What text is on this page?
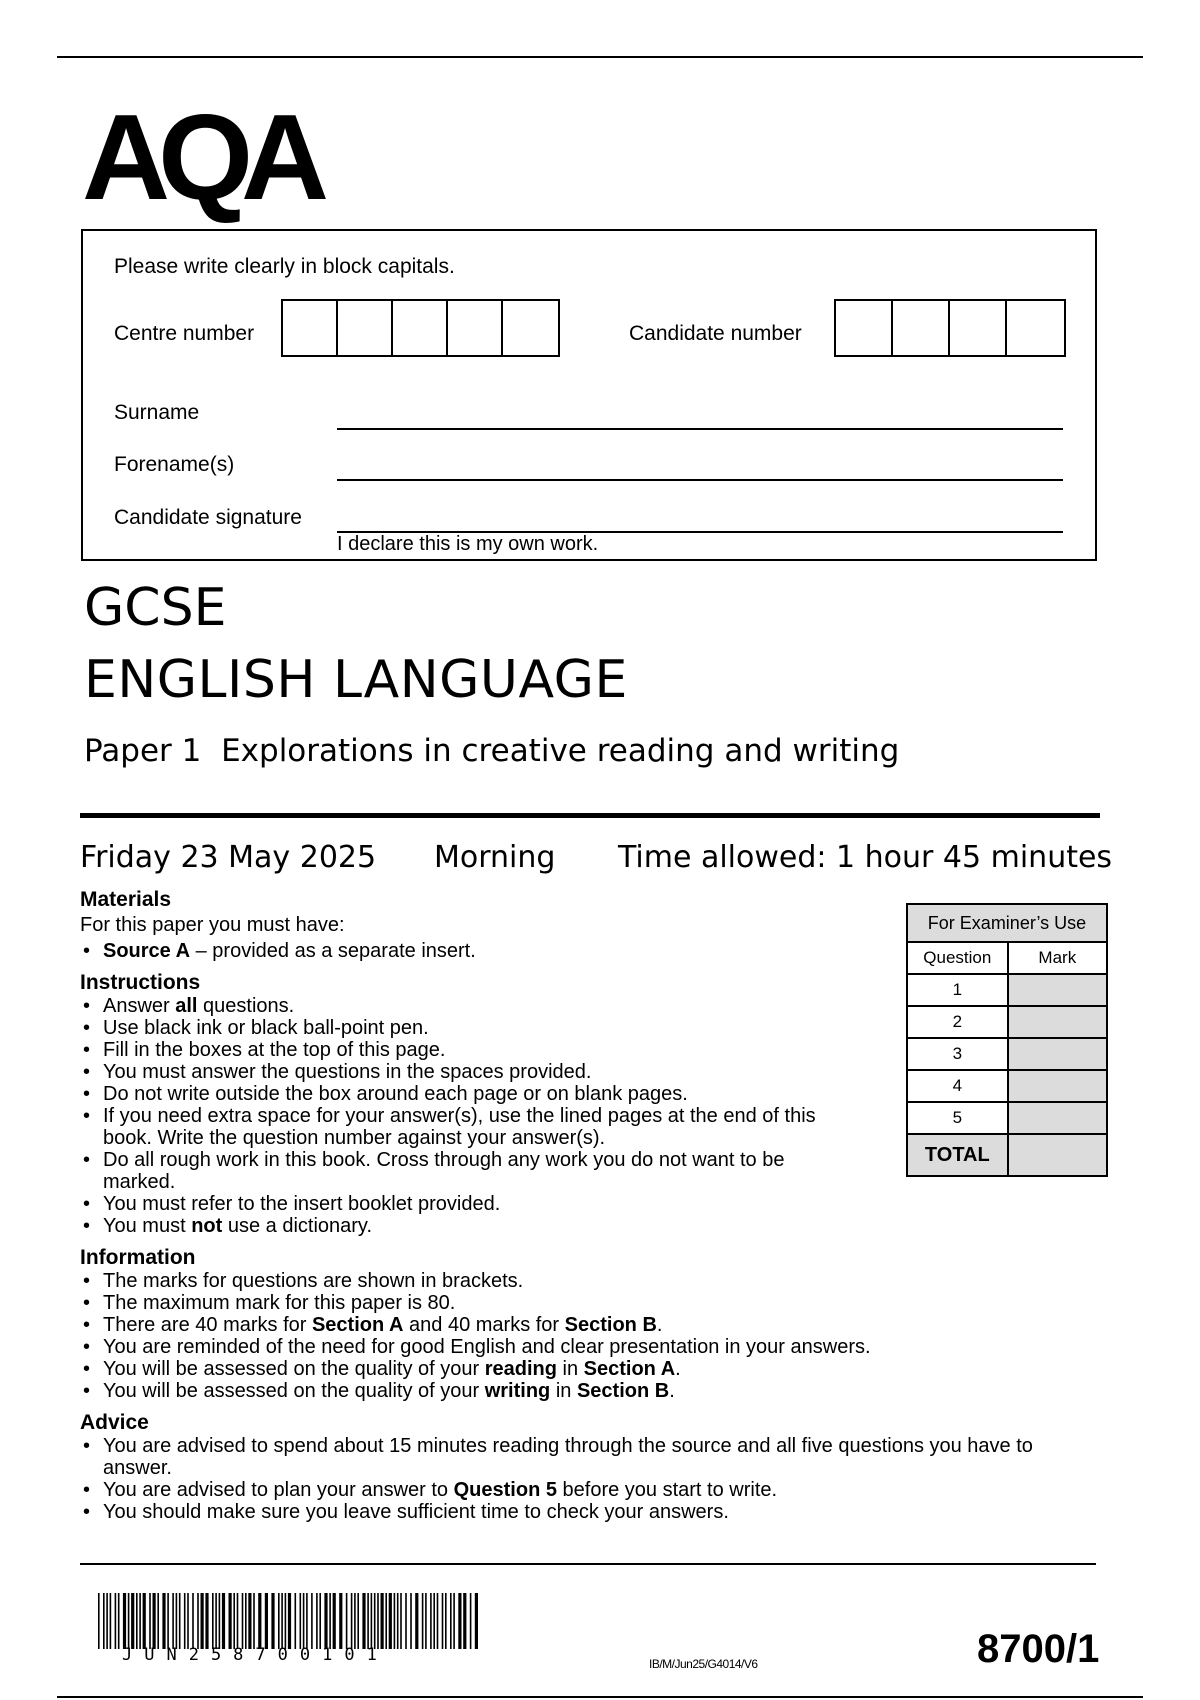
AQA
Please write clearly in block capitals.
Centre number	Candidate number
Surname
Forename(s)
Candidate signature
I declare this is my own work.
GCSE
ENGLISH LANGUAGE
Paper 1  Explorations in creative reading and writing
Friday 23 May 2025 Morning Time allowed: 1 hour 45 minutes
Materials
For this paper you must have:
• Source A – provided as a separate insert.
Instructions
• Answer all questions.
• Use black ink or black ball-point pen.
• Fill in the boxes at the top of this page.
• You must answer the questions in the spaces provided.
• Do not write outside the box around each page or on blank pages.
• If you need extra space for your answer(s), use the lined pages at the end of this book. Write the question number against your answer(s).
• Do all rough work in this book. Cross through any work you do not want to be marked.
• You must refer to the insert booklet provided.
• You must not use a dictionary.
Information
• The marks for questions are shown in brackets.
• The maximum mark for this paper is 80.
• There are 40 marks for Section A and 40 marks for Section B.
• You are reminded of the need for good English and clear presentation in your answers.
• You will be assessed on the quality of your reading in Section A.
• You will be assessed on the quality of your writing in Section B.
Advice
• You are advised to spend about 15 minutes reading through the source and all five questions you have to answer.
• You are advised to plan your answer to Question 5 before you start to write.
• You should make sure you leave sufficient time to check your answers.
For Examiner’s Use	
Question	Mark
1	
2	
3	
4	
5	
TOTAL	
JUN258700101	IB/M/Jun25/G4014/V6	8700/1
